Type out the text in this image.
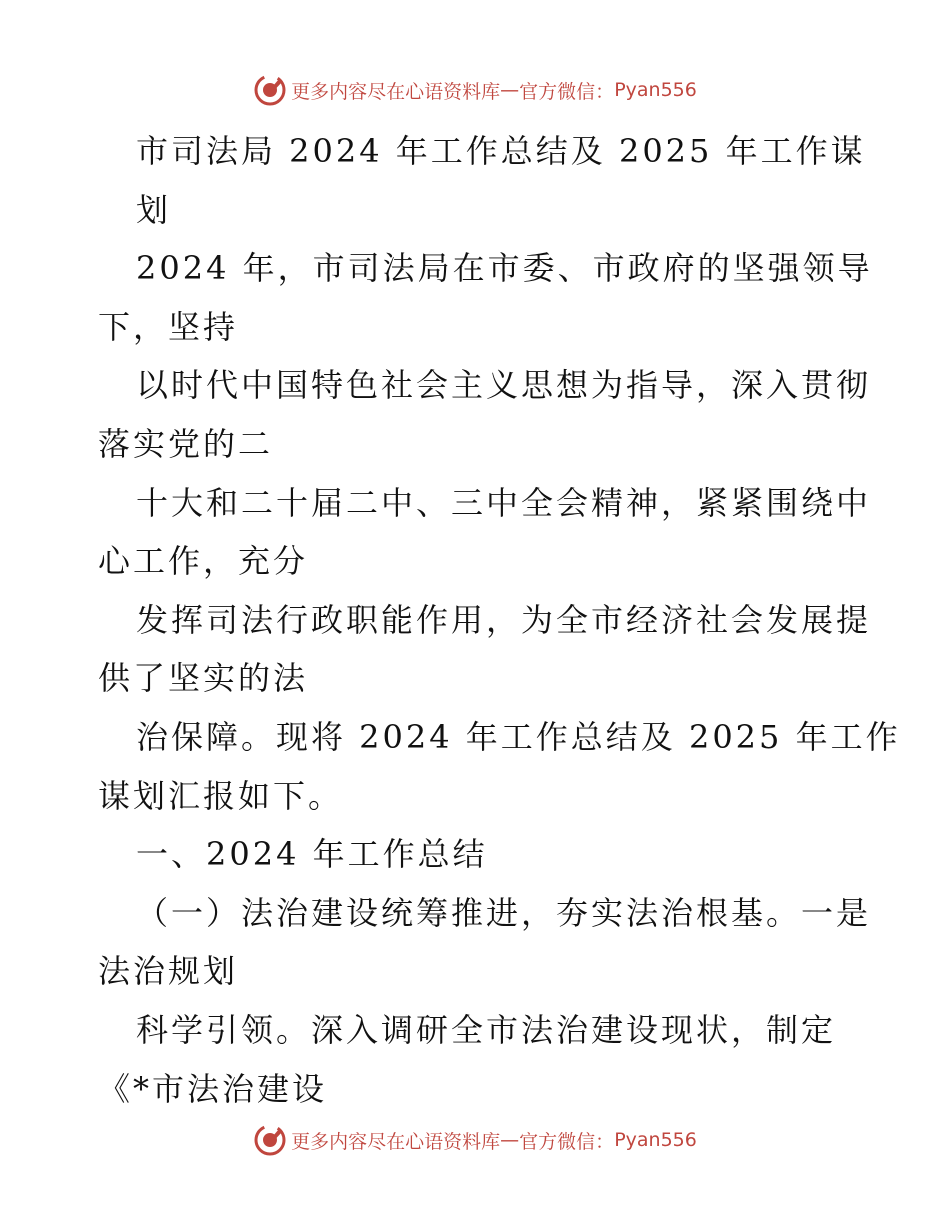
更多内容尽在心语资料库 — 官方微信： Pyan556
市司法局 2024 年工作总结及 2025 年工作谋
划
2024 年，市司法局在市委、市政府的坚强领导
下，坚持
以时代中国特色社会主义思想为指导，深入贯彻
落实党的二
十大和二十届二中、三中全会精神，紧紧围绕中
心工作，充分
发挥司法行政职能作用，为全市经济社会发展提
供了坚实的法
治保障。现将 2024 年工作总结及 2025 年工作
谋划汇报如下。
一、2024 年工作总结
（一）法治建设统筹推进，夯实法治根基。一是
法治规划
科学引领。深入调研全市法治建设现状，制定
《*市法治建设
更多内容尽在心语资料库 — 官方微信： Pyan556
